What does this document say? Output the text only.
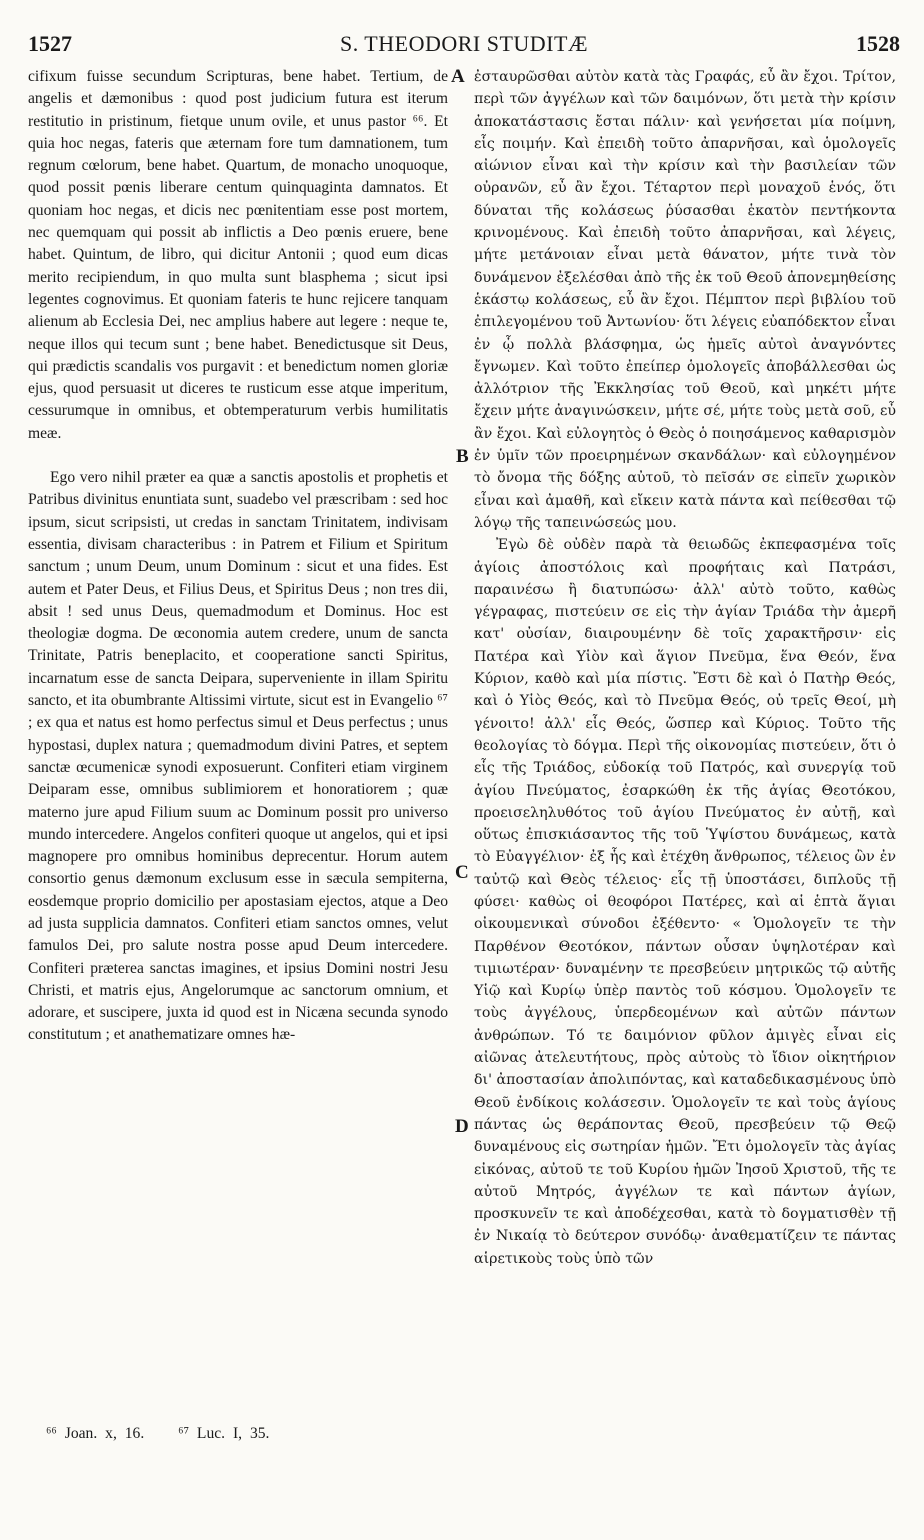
1527	S. THEODORI STUDITÆ	1528

cifixum fuisse secundum Scripturas, bene habet. Tertium, de angelis et dæmonibus : quod post judicium futura est iterum restitutio in pristinum, fietque unum ovile, et unus pastor ⁶⁶. Et quia hoc negas, fateris que æternam fore tum damnationem, tum regnum cœlorum, bene habet. Quartum, de monacho unoquoque, quod possit pœnis liberare centum quinquaginta damnatos. Et quoniam hoc negas, et dicis nec pœnitentiam esse post mortem, nec quemquam qui possit ab inflictis a Deo pœnis eruere, bene habet. Quintum, de libro, qui dicitur Antonii ; quod eum dicas merito recipiendum, in quo multa sunt blasphema ; sicut ipsi legentes cognovimus. Et quoniam fateris te hunc rejicere tanquam alienum ab Ecclesia Dei, nec amplius habere aut legere : neque te, neque illos qui tecum sunt ; bene habet. Benedictusque sit Deus, qui prædictis scandalis vos purgavit : et benedictum nomen gloriæ ejus, quod persuasit ut diceres te rusticum esse atque imperitum, cessurumque in omnibus, et obtemperaturum verbis humilitatis meæ.

Ego vero nihil præter ea quæ a sanctis apostolis et prophetis et Patribus divinitus enuntiata sunt, suadebo vel præscribam : sed hoc ipsum, sicut scripsisti, ut credas in sanctam Trinitatem, indivisam essentia, divisam characteribus : in Patrem et Filium et Spiritum sanctum ; unum Deum, unum Dominum : sicut et una fides. Est autem et Pater Deus, et Filius Deus, et Spiritus Deus ; non tres dii, absit ! sed unus Deus, quemadmodum et Dominus. Hoc est theologiæ dogma. De œconomia autem credere, unum de sancta Trinitate, Patris beneplacito, et cooperatione sancti Spiritus, incarnatum esse de sancta Deipara, superveniente in illam Spiritu sancto, et ita obumbrante Altissimi virtute, sicut est in Evangelio ⁶⁷ ; ex qua et natus est homo perfectus simul et Deus perfectus ; unus hypostasi, duplex natura ; quemadmodum divini Patres, et septem sanctæ œcumenicæ synodi exposuerunt. Confiteri etiam virginem Deiparam esse, omnibus sublimiorem et honoratiorem ; quæ materno jure apud Filium suum ac Dominum possit pro universo mundo intercedere. Angelos confiteri quoque ut angelos, qui et ipsi magnopere pro omnibus hominibus deprecentur. Horum autem consortio genus dæmonum exclusum esse in sæcula sempiterna, eosdemque proprio domicilio per apostasiam ejectos, atque a Deo ad justa supplicia damnatos. Confiteri etiam sanctos omnes, velut famulos Dei, pro salute nostra posse apud Deum intercedere. Confiteri præterea sanctas imagines, et ipsius Domini nostri Jesu Christi, et matris ejus, Angelorumque ac sanctorum omnium, et adorare, et suscipere, juxta id quod est in Nicæna secunda synodo constitutum ; et anathematizare omnes hæ-

A
B
C
D

ἐσταυρῶσθαι αὐτὸν κατὰ τὰς Γραφάς, εὖ ἂν ἔχοι. Τρίτον, περὶ τῶν ἀγγέλων καὶ τῶν δαιμόνων, ὅτι μετὰ τὴν κρίσιν ἀποκατάστασις ἔσται πάλιν· καὶ γενήσεται μία ποίμνη, εἷς ποιμήν. Καὶ ἐπειδὴ τοῦτο ἀπαρνῆσαι, καὶ ὁμολογεῖς αἰώνιον εἶναι καὶ τὴν κρίσιν καὶ τὴν βασιλείαν τῶν οὐρανῶν, εὖ ἂν ἔχοι. Τέταρτον περὶ μοναχοῦ ἑνός, ὅτι δύναται τῆς κολάσεως ῥύσασθαι ἑκατὸν πεντήκοντα κρινομένους. Καὶ ἐπειδὴ τοῦτο ἀπαρνῆσαι, καὶ λέγεις, μήτε μετάνοιαν εἶναι μετὰ θάνατον, μήτε τινὰ τὸν δυνάμενον ἐξελέσθαι ἀπὸ τῆς ἐκ τοῦ Θεοῦ ἀπονεμηθείσης ἑκάστῳ κολάσεως, εὖ ἂν ἔχοι. Πέμπτον περὶ βιβλίου τοῦ ἐπιλεγομένου τοῦ Ἀντωνίου· ὅτι λέγεις εὐαπόδεκτον εἶναι ἐν ᾧ πολλὰ βλάσφημα, ὡς ἡμεῖς αὐτοὶ ἀναγνόντες ἔγνωμεν. Καὶ τοῦτο ἐπείπερ ὁμολογεῖς ἀποβάλλεσθαι ὡς ἀλλότριον τῆς Ἐκκλησίας τοῦ Θεοῦ, καὶ μηκέτι μήτε ἔχειν μήτε ἀναγινώσκειν, μήτε σέ, μήτε τοὺς μετὰ σοῦ, εὖ ἂν ἔχοι. Καὶ εὐλογητὸς ὁ Θεὸς ὁ ποιησάμενος καθαρισμὸν ἐν ὑμῖν τῶν προειρημένων σκανδάλων· καὶ εὐλογημένον τὸ ὄνομα τῆς δόξης αὐτοῦ, τὸ πεῖσάν σε εἰπεῖν χωρικὸν εἶναι καὶ ἀμαθῆ, καὶ εἴκειν κατὰ πάντα καὶ πείθεσθαι τῷ λόγῳ τῆς ταπεινώσεώς μου.

Ἐγὼ δὲ οὐδὲν παρὰ τὰ θειωδῶς ἐκπεφασμένα τοῖς ἁγίοις ἀποστόλοις καὶ προφήταις καὶ Πατράσι, παραινέσω ἢ διατυπώσω· ἀλλ' αὐτὸ τοῦτο, καθὼς γέγραφας, πιστεύειν σε εἰς τὴν ἁγίαν Τριάδα τὴν ἀμερῆ κατ' οὐσίαν, διαιρουμένην δὲ τοῖς χαρακτῆρσιν· εἰς Πατέρα καὶ Υἱὸν καὶ ἅγιον Πνεῦμα, ἕνα Θεόν, ἕνα Κύριον, καθὸ καὶ μία πίστις. Ἔστι δὲ καὶ ὁ Πατὴρ Θεός, καὶ ὁ Υἱὸς Θεός, καὶ τὸ Πνεῦμα Θεός, οὐ τρεῖς Θεοί, μὴ γένοιτο! ἀλλ' εἷς Θεός, ὥσπερ καὶ Κύριος. Τοῦτο τῆς θεολογίας τὸ δόγμα. Περὶ τῆς οἰκονομίας πιστεύειν, ὅτι ὁ εἷς τῆς Τριάδος, εὐδοκίᾳ τοῦ Πατρός, καὶ συνεργίᾳ τοῦ ἁγίου Πνεύματος, ἐσαρκώθη ἐκ τῆς ἁγίας Θεοτόκου, προεισεληλυθότος τοῦ ἁγίου Πνεύματος ἐν αὐτῇ, καὶ οὕτως ἐπισκιάσαντος τῆς τοῦ Ὑψίστου δυνάμεως, κατὰ τὸ Εὐαγγέλιον· ἐξ ἧς καὶ ἐτέχθη ἄνθρωπος, τέλειος ὢν ἐν ταὐτῷ καὶ Θεὸς τέλειος· εἷς τῇ ὑποστάσει, διπλοῦς τῇ φύσει· καθὼς οἱ θεοφόροι Πατέρες, καὶ αἱ ἑπτὰ ἅγιαι οἰκουμενικαὶ σύνοδοι ἐξέθεντο· « Ὁμολογεῖν τε τὴν Παρθένον Θεοτόκον, πάντων οὖσαν ὑψηλοτέραν καὶ τιμιωτέραν· δυναμένην τε πρεσβεύειν μητρικῶς τῷ αὐτῆς Υἱῷ καὶ Κυρίῳ ὑπὲρ παντὸς τοῦ κόσμου. Ὁμολογεῖν τε τοὺς ἀγγέλους, ὑπερδεομένων καὶ αὐτῶν πάντων ἀνθρώπων. Τό τε δαιμόνιον φῦλον ἀμιγὲς εἶναι εἰς αἰῶνας ἀτελευτήτους, πρὸς αὐτοὺς τὸ ἴδιον οἰκητήριον δι' ἀποστασίαν ἀπολιπόντας, καὶ καταδεδικασμένους ὑπὸ Θεοῦ ἐνδίκοις κολάσεσιν. Ὁμολογεῖν τε καὶ τοὺς ἁγίους πάντας ὡς θεράποντας Θεοῦ, πρεσβεύειν τῷ Θεῷ δυναμένους εἰς σωτηρίαν ἡμῶν. Ἔτι ὁμολογεῖν τὰς ἁγίας εἰκόνας, αὐτοῦ τε τοῦ Κυρίου ἡμῶν Ἰησοῦ Χριστοῦ, τῆς τε αὐτοῦ Μητρός, ἀγγέλων τε καὶ πάντων ἁγίων, προσκυνεῖν τε καὶ ἀποδέχεσθαι, κατὰ τὸ δογματισθὲν τῇ ἐν Νικαίᾳ τὸ δεύτερον συνόδῳ· ἀναθεματίζειν τε πάντας αἱρετικοὺς τοὺς ὑπὸ τῶν

⁶⁶ Joan. x, 16. ⁶⁷ Luc. I, 35.
